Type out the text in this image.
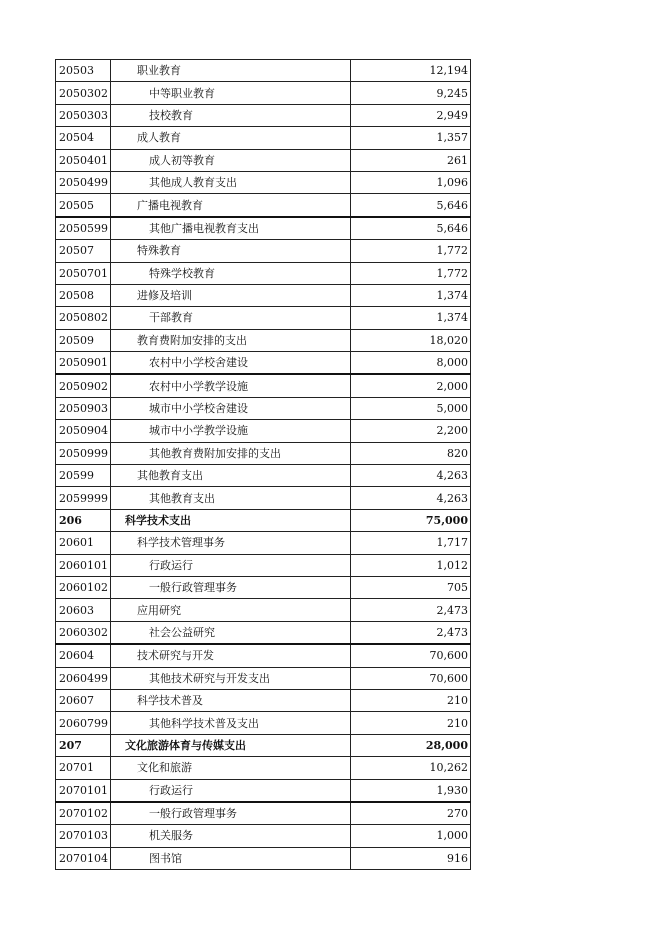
20503	职业教育	12,194
2050302	中等职业教育	9,245
2050303	技校教育	2,949
20504	成人教育	1,357
2050401	成人初等教育	261
2050499	其他成人教育支出	1,096
20505	广播电视教育	5,646
2050599	其他广播电视教育支出	5,646
20507	特殊教育	1,772
2050701	特殊学校教育	1,772
20508	进修及培训	1,374
2050802	干部教育	1,374
20509	教育费附加安排的支出	18,020
2050901	农村中小学校舍建设	8,000
2050902	农村中小学教学设施	2,000
2050903	城市中小学校舍建设	5,000
2050904	城市中小学教学设施	2,200
2050999	其他教育费附加安排的支出	820
20599	其他教育支出	4,263
2059999	其他教育支出	4,263
206	科学技术支出	75,000
20601	科学技术管理事务	1,717
2060101	行政运行	1,012
2060102	一般行政管理事务	705
20603	应用研究	2,473
2060302	社会公益研究	2,473
20604	技术研究与开发	70,600
2060499	其他技术研究与开发支出	70,600
20607	科学技术普及	210
2060799	其他科学技术普及支出	210
207	文化旅游体育与传媒支出	28,000
20701	文化和旅游	10,262
2070101	行政运行	1,930
2070102	一般行政管理事务	270
2070103	机关服务	1,000
2070104	图书馆	916
